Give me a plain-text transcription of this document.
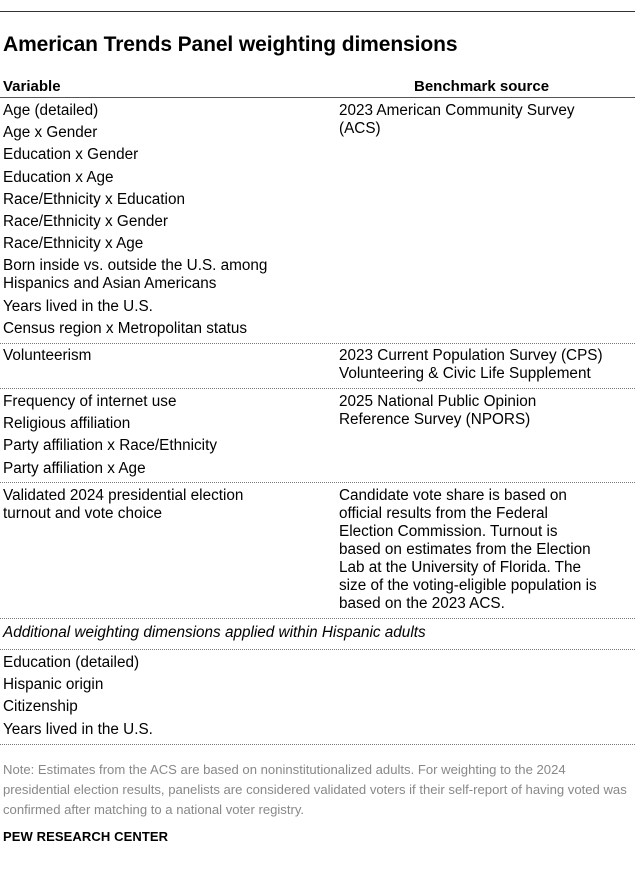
American Trends Panel weighting dimensions
Variable	Benchmark source
Age (detailed)
Age x Gender
Education x Gender
Education x Age
Race/Ethnicity x Education
Race/Ethnicity x Gender
Race/Ethnicity x Age
Born inside vs. outside the U.S. among
Hispanics and Asian Americans
Years lived in the U.S.
Census region x Metropolitan status
2023 American Community Survey
(ACS)
Volunteerism	2023 Current Population Survey (CPS)
Volunteering & Civic Life Supplement
Frequency of internet use
Religious affiliation
Party affiliation x Race/Ethnicity
Party affiliation x Age
2025 National Public Opinion
Reference Survey (NPORS)
Validated 2024 presidential election
turnout and vote choice
Candidate vote share is based on
official results from the Federal
Election Commission. Turnout is
based on estimates from the Election
Lab at the University of Florida. The
size of the voting-eligible population is
based on the 2023 ACS.
Additional weighting dimensions applied within Hispanic adults
Education (detailed)
Hispanic origin
Citizenship
Years lived in the U.S.
Note: Estimates from the ACS are based on noninstitutionalized adults. For weighting to the 2024 presidential election results, panelists are considered validated voters if their self-report of having voted was confirmed after matching to a national voter registry.
PEW RESEARCH CENTER
